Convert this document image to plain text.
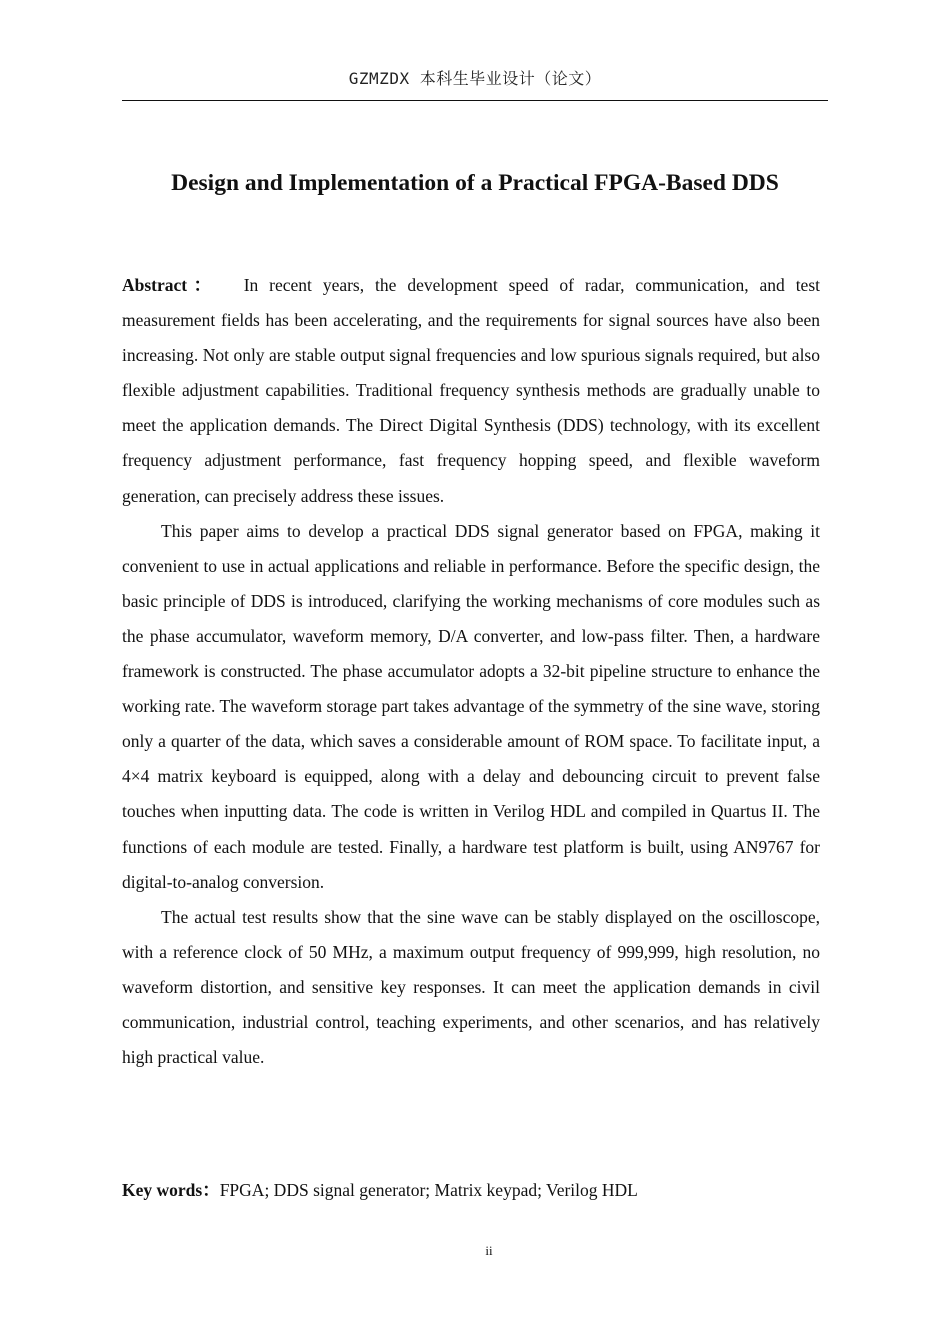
GZMZDX 本科生毕业设计（论文）
Design and Implementation of a Practical FPGA-Based DDS

Abstract： In recent years, the development speed of radar, communication, and test measurement fields has been accelerating, and the requirements for signal sources have also been increasing. Not only are stable output signal frequencies and low spurious signals required, but also flexible adjustment capabilities. Traditional frequency synthesis methods are gradually unable to meet the application demands. The Direct Digital Synthesis (DDS) technology, with its excellent frequency adjustment performance, fast frequency hopping speed, and flexible waveform generation, can precisely address these issues.

This paper aims to develop a practical DDS signal generator based on FPGA, making it convenient to use in actual applications and reliable in performance. Before the specific design, the basic principle of DDS is introduced, clarifying the working mechanisms of core modules such as the phase accumulator, waveform memory, D/A converter, and low-pass filter. Then, a hardware framework is constructed. The phase accumulator adopts a 32-bit pipeline structure to enhance the working rate. The waveform storage part takes advantage of the symmetry of the sine wave, storing only a quarter of the data, which saves a considerable amount of ROM space. To facilitate input, a 4×4 matrix keyboard is equipped, along with a delay and debouncing circuit to prevent false touches when inputting data. The code is written in Verilog HDL and compiled in Quartus II. The functions of each module are tested. Finally, a hardware test platform is built, using AN9767 for digital-to-analog conversion.

The actual test results show that the sine wave can be stably displayed on the oscilloscope, with a reference clock of 50 MHz, a maximum output frequency of 999,999, high resolution, no waveform distortion, and sensitive key responses. It can meet the application demands in civil communication, industrial control, teaching experiments, and other scenarios, and has relatively high practical value.

Key words：FPGA; DDS signal generator; Matrix keypad; Verilog HDL
ii
